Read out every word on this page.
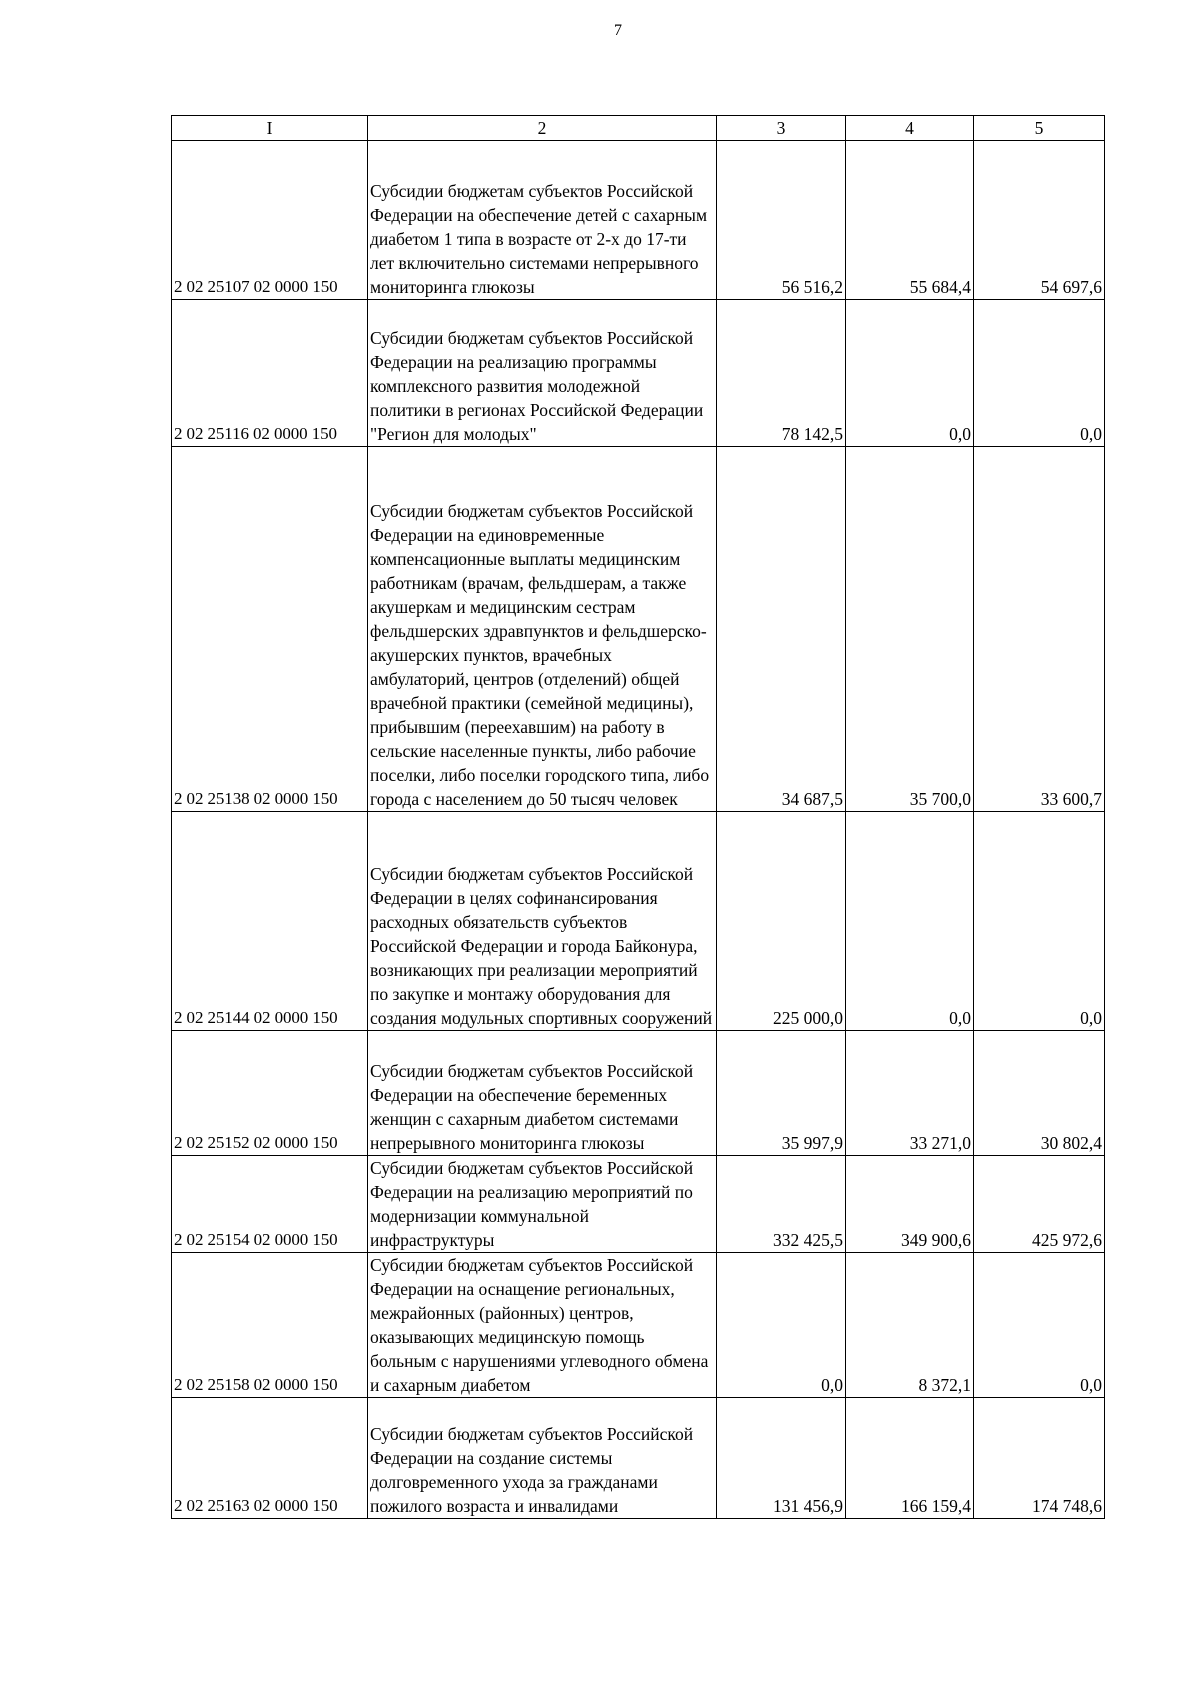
7
I	2	3	4	5
2 02 25107 02 0000 150	Субсидии бюджетам субъектов Российской Федерации на обеспечение детей с сахарным диабетом 1 типа в возрасте от 2-х до 17-ти лет включительно системами непрерывного мониторинга глюкозы	56 516,2	55 684,4	54 697,6
2 02 25116 02 0000 150	Субсидии бюджетам субъектов Российской Федерации на реализацию программы комплексного развития молодежной политики в регионах Российской Федерации "Регион для молодых"	78 142,5	0,0	0,0
2 02 25138 02 0000 150	Субсидии бюджетам субъектов Российской Федерации на единовременные компенсационные выплаты медицинским работникам (врачам, фельдшерам, а также акушеркам и медицинским сестрам фельдшерских здравпунктов и фельдшерско-акушерских пунктов, врачебных амбулаторий, центров (отделений) общей врачебной практики (семейной медицины), прибывшим (переехавшим) на работу в сельские населенные пункты, либо рабочие поселки, либо поселки городского типа, либо города с населением до 50 тысяч человек	34 687,5	35 700,0	33 600,7
2 02 25144 02 0000 150	Субсидии бюджетам субъектов Российской Федерации в целях софинансирования расходных обязательств субъектов Российской Федерации и города Байконура, возникающих при реализации мероприятий по закупке и монтажу оборудования для создания модульных спортивных сооружений	225 000,0	0,0	0,0
2 02 25152 02 0000 150	Субсидии бюджетам субъектов Российской Федерации на обеспечение беременных женщин с сахарным диабетом системами непрерывного мониторинга глюкозы	35 997,9	33 271,0	30 802,4
2 02 25154 02 0000 150	Субсидии бюджетам субъектов Российской Федерации на реализацию мероприятий по модернизации коммунальной инфраструктуры	332 425,5	349 900,6	425 972,6
2 02 25158 02 0000 150	Субсидии бюджетам субъектов Российской Федерации на оснащение региональных, межрайонных (районных) центров, оказывающих медицинскую помощь больным с нарушениями углеводного обмена и сахарным диабетом	0,0	8 372,1	0,0
2 02 25163 02 0000 150	Субсидии бюджетам субъектов Российской Федерации на создание системы долговременного ухода за гражданами пожилого возраста и инвалидами	131 456,9	166 159,4	174 748,6
